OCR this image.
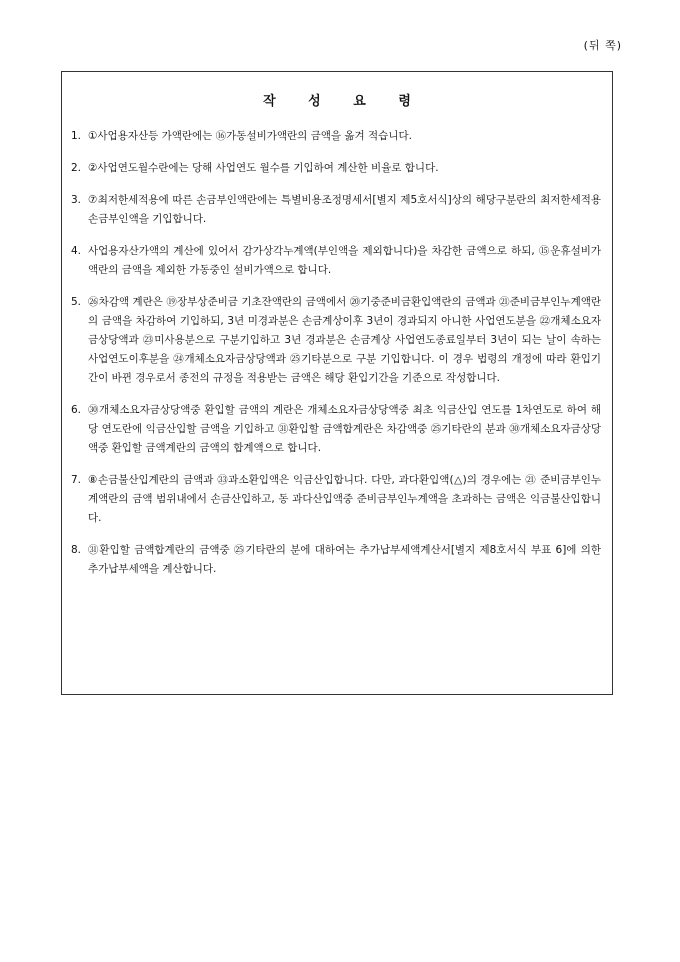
(뒤 쪽)
작 성 요 령
1. ①사업용자산등 가액란에는 ⑯가동설비가액란의 금액을 옮겨 적습니다.
2. ②사업연도월수란에는 당해 사업연도 월수를 기입하여 계산한 비율로 합니다.
3. ⑦최저한세적용에 따른 손금부인액란에는 특별비용조정명세서[별지 제5호서식]상의 해당구분란의 최저한세적용손금부인액을 기입합니다.
4. 사업용자산가액의 계산에 있어서 감가상각누계액(부인액을 제외합니다)을 차감한 금액으로 하되, ⑮운휴설비가액란의 금액을 제외한 가동중인 설비가액으로 합니다.
5. ㉖차감액 계란은 ⑲장부상준비금 기초잔액란의 금액에서 ⑳기중준비금환입액란의 금액과 ㉑준비금부인누계액란의 금액을 차감하여 기입하되, 3년 미경과분은 손금계상이후 3년이 경과되지 아니한 사업연도분을 ㉒개체소요자금상당액과 ㉓미사용분으로 구분기입하고 3년 경과분은 손금계상 사업연도종료일부터 3년이 되는 날이 속하는 사업연도이후분을 ㉔개체소요자금상당액과 ㉕기타분으로 구분 기입합니다. 이 경우 법령의 개정에 따라 환입기간이 바뀐 경우로서 종전의 규정을 적용받는 금액은 해당 환입기간을 기준으로 작성합니다.
6. ㉚개체소요자금상당액중 환입할 금액의 계란은 개체소요자금상당액중 최초 익금산입 연도를 1차연도로 하여 해당 연도란에 익금산입할 금액을 기입하고 ㉛환입할 금액합계란은 차감액중 ㉕기타란의 분과 ㉚개체소요자금상당액중 환입할 금액계란의 금액의 합계액으로 합니다.
7. ⑧손금불산입계란의 금액과 ㉝과소환입액은 익금산입합니다. 다만, 과다환입액(△)의 경우에는 ㉑ 준비금부인누계액란의 금액 범위내에서 손금산입하고, 동 과다산입액중 준비금부인누계액을 초과하는 금액은 익금불산입합니다.
8. ㉛환입할 금액합계란의 금액중 ㉕기타란의 분에 대하여는 추가납부세액계산서[별지 제8호서식 부표 6]에 의한 추가납부세액을 계산합니다.
